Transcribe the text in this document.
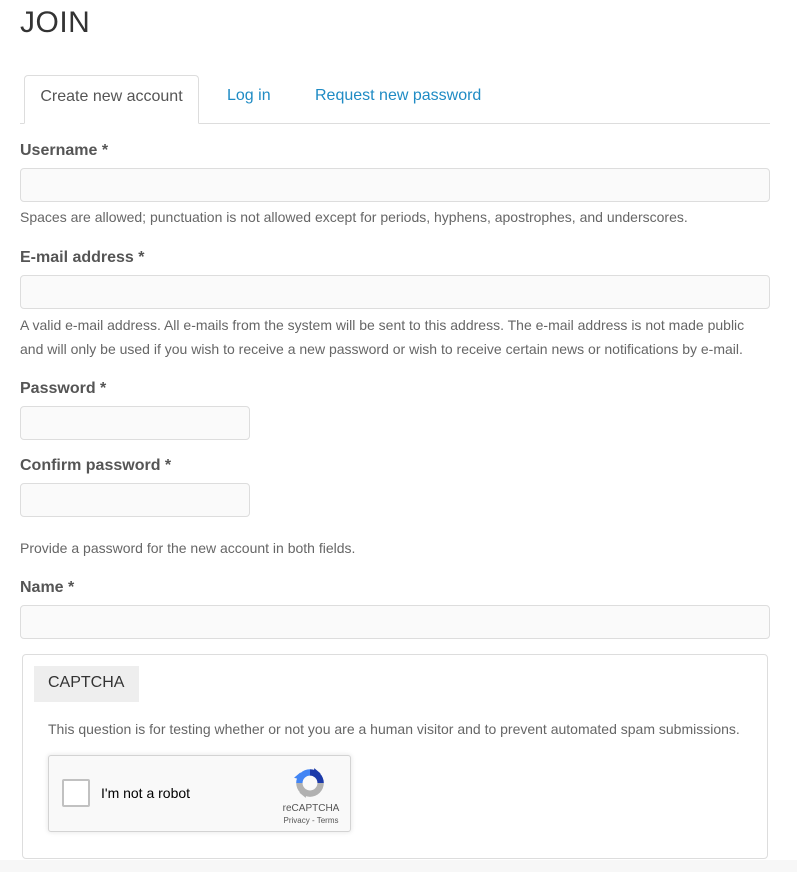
JOIN
Create new account	Log in	Request new password
Username *
Spaces are allowed; punctuation is not allowed except for periods, hyphens, apostrophes, and underscores.
E-mail address *
A valid e-mail address. All e-mails from the system will be sent to this address. The e-mail address is not made public and will only be used if you wish to receive a new password or wish to receive certain news or notifications by e-mail.
Password *
Confirm password *
Provide a password for the new account in both fields.
Name *
CAPTCHA
This question is for testing whether or not you are a human visitor and to prevent automated spam submissions.
I'm not a robot
reCAPTCHA
Privacy - Terms
